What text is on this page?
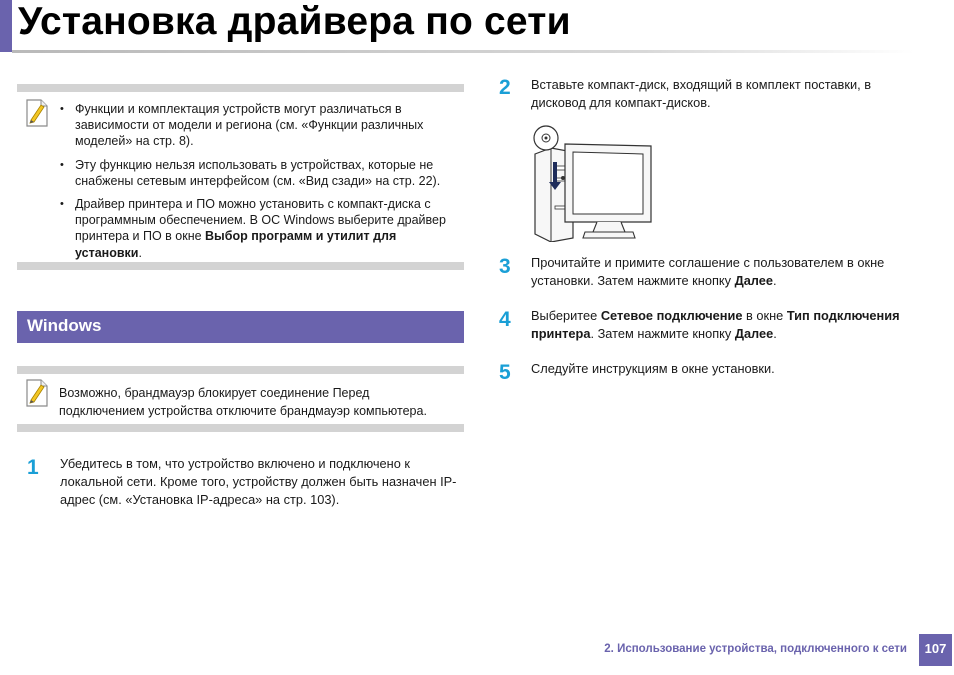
Установка драйвера по сети
• Функции и комплектация устройств могут различаться в зависимости от модели и региона (см. «Функции различных моделей» на стр. 8).
• Эту функцию нельзя использовать в устройствах, которые не снабжены сетевым интерфейсом (см. «Вид сзади» на стр. 22).
• Драйвер принтера и ПО можно установить с компакт-диска с программным обеспечением. В ОС Windows выберите драйвер принтера и ПО в окне Выбор программ и утилит для установки.
Windows

Возможно, брандмауэр блокирует соединение Перед подключением устройства отключите брандмауэр компьютера.

1 Убедитесь в том, что устройство включено и подключено к локальной сети. Кроме того, устройству должен быть назначен IP-адрес (см. «Установка IP-адреса» на стр. 103).

2 Вставьте компакт-диск, входящий в комплект поставки, в дисковод для компакт-дисков.

3 Прочитайте и примите соглашение с пользователем в окне установки. Затем нажмите кнопку Далее.

4 Выберитее Сетевое подключение в окне Тип подключения принтера. Затем нажмите кнопку Далее.

5 Следуйте инструкциям в окне установки.

2. Использование устройства, подключенного к сети	107
